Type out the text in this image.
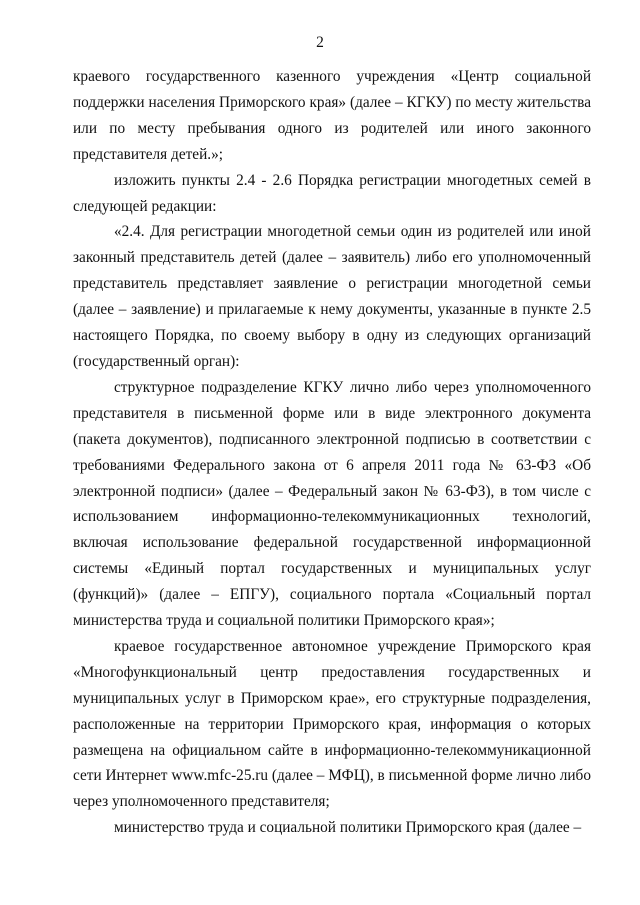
2

краевого государственного казенного учреждения «Центр социальной поддержки населения Приморского края» (далее – КГКУ) по месту жительства или по месту пребывания одного из родителей или иного законного представителя детей.»;

изложить пункты 2.4 - 2.6 Порядка регистрации многодетных семей в следующей редакции:

«2.4. Для регистрации многодетной семьи один из родителей или иной законный представитель детей (далее – заявитель) либо его уполномоченный представитель представляет заявление о регистрации многодетной семьи (далее – заявление) и прилагаемые к нему документы, указанные в пункте 2.5 настоящего Порядка, по своему выбору в одну из следующих организаций (государственный орган):

структурное подразделение КГКУ лично либо через уполномоченного представителя в письменной форме или в виде электронного документа (пакета документов), подписанного электронной подписью в соответствии с требованиями Федерального закона от 6 апреля 2011 года № 63-ФЗ «Об электронной подписи» (далее – Федеральный закон № 63-ФЗ), в том числе с использованием информационно-телекоммуникационных технологий, включая использование федеральной государственной информационной системы «Единый портал государственных и муниципальных услуг (функций)» (далее – ЕПГУ), социального портала «Социальный портал министерства труда и социальной политики Приморского края»;

краевое государственное автономное учреждение Приморского края «Многофункциональный центр предоставления государственных и муниципальных услуг в Приморском крае», его структурные подразделения, расположенные на территории Приморского края, информация о которых размещена на официальном сайте в информационно-телекоммуникационной сети Интернет www.mfc-25.ru (далее – МФЦ), в письменной форме лично либо через уполномоченного представителя;

министерство труда и социальной политики Приморского края (далее –
